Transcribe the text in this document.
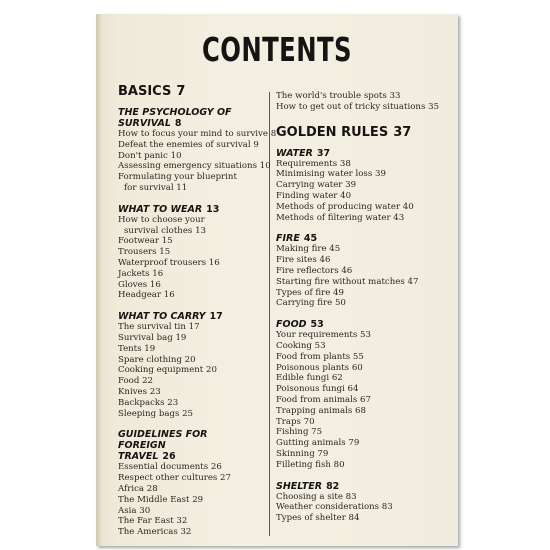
CONTENTS
BASICS 7
THE PSYCHOLOGY OF SURVIVAL 8
How to focus your mind to survive 8
Defeat the enemies of survival 9
Don't panic 10
Assessing emergency situations 10
Formulating your blueprint
for survival 11
WHAT TO WEAR 13
How to choose your
survival clothes 13
Footwear 15
Trousers 15
Waterproof trousers 16
Jackets 16
Gloves 16
Headgear 16
WHAT TO CARRY 17
The survival tin 17
Survival bag 19
Tents 19
Spare clothing 20
Cooking equipment 20
Food 22
Knives 23
Backpacks 23
Sleeping bags 25
GUIDELINES FOR
FOREIGN
TRAVEL 26
Essential documents 26
Respect other cultures 27
Africa 28
The Middle East 29
Asia 30
The Far East 32
The Americas 32
The world's trouble spots 33
How to get out of tricky situations 35
GOLDEN RULES 37
WATER 37
Requirements 38
Minimising water loss 39
Carrying water 39
Finding water 40
Methods of producing water 40
Methods of filtering water 43
FIRE 45
Making fire 45
Fire sites 46
Fire reflectors 46
Starting fire without matches 47
Types of fire 49
Carrying fire 50
FOOD 53
Your requirements 53
Cooking 53
Food from plants 55
Poisonous plants 60
Edible fungi 62
Poisonous fungi 64
Food from animals 67
Trapping animals 68
Traps 70
Fishing 75
Gutting animals 79
Skinning 79
Filleting fish 80
SHELTER 82
Choosing a site 83
Weather considerations 83
Types of shelter 84
